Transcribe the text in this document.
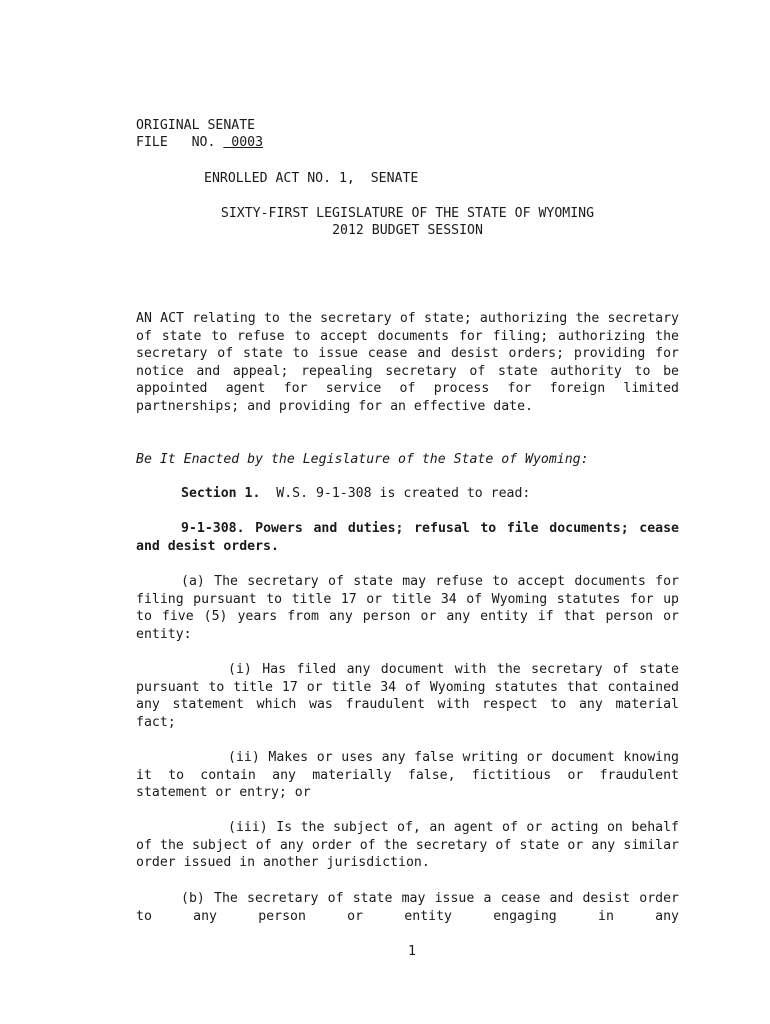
ORIGINAL SENATE
FILE   NO.  0003
ENROLLED ACT NO. 1,  SENATE
SIXTY-FIRST LEGISLATURE OF THE STATE OF WYOMING
2012 BUDGET SESSION
AN ACT relating to the secretary of state; authorizing the secretary of state to refuse to accept documents for filing; authorizing the secretary of state to issue cease and desist orders; providing for notice and appeal; repealing secretary of state authority to be appointed agent for service of process for foreign limited partnerships; and providing for an effective date.
Be It Enacted by the Legislature of the State of Wyoming:
Section 1.  W.S. 9-1-308 is created to read:
9-1-308. Powers and duties; refusal to file documents; cease and desist orders.
(a) The secretary of state may refuse to accept documents for filing pursuant to title 17 or title 34 of Wyoming statutes for up to five (5) years from any person or any entity if that person or entity:
(i) Has filed any document with the secretary of state pursuant to title 17 or title 34 of Wyoming statutes that contained any statement which was fraudulent with respect to any material fact;
(ii) Makes or uses any false writing or document knowing it to contain any materially false, fictitious or fraudulent statement or entry; or
(iii) Is the subject of, an agent of or acting on behalf of the subject of any order of the secretary of state or any similar order issued in another jurisdiction.
(b) The secretary of state may issue a cease and desist order to any person or entity engaging in any
1
